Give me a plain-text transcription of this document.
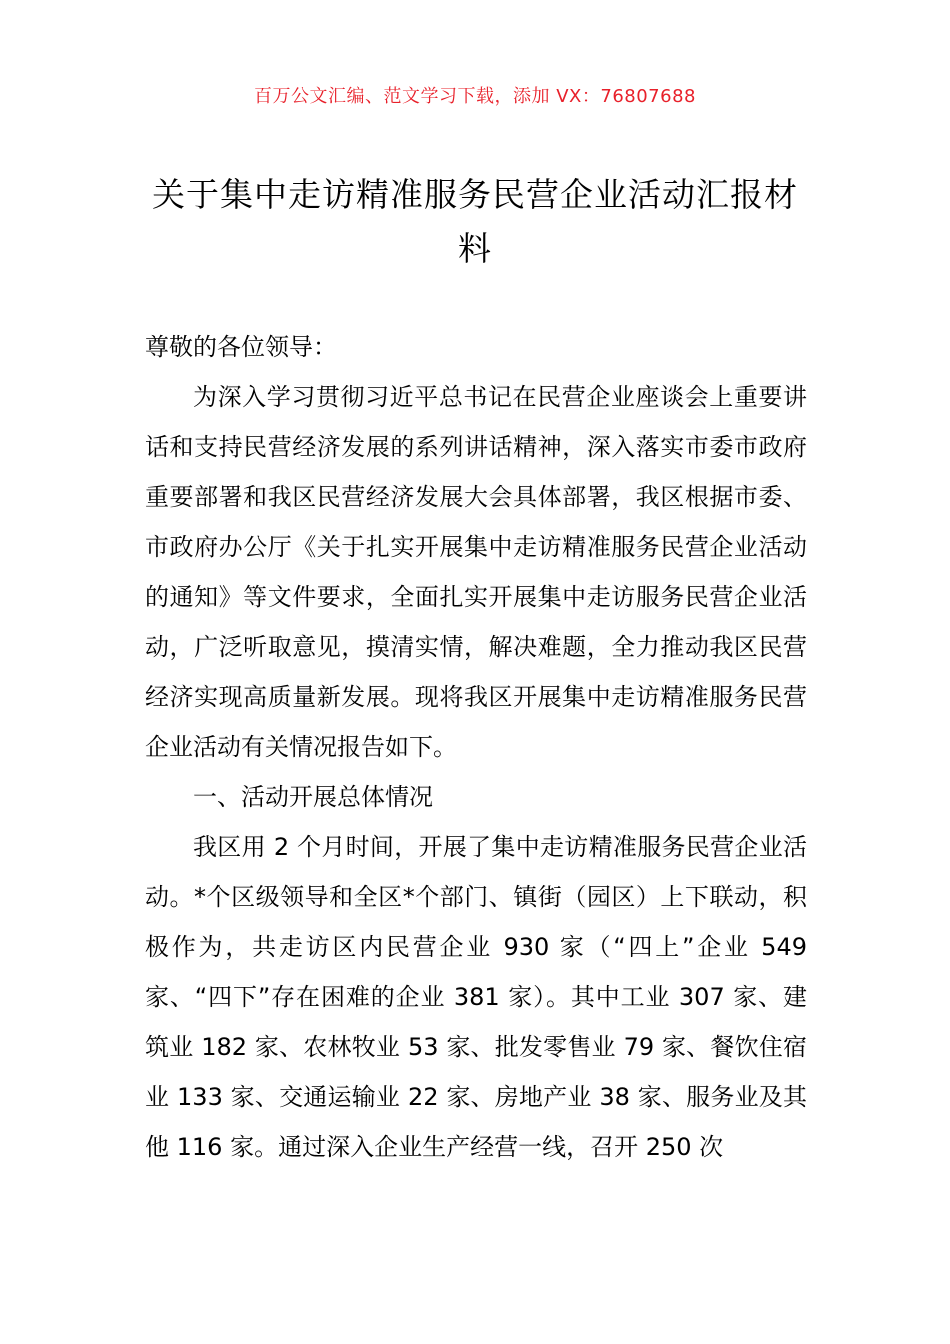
百万公文汇编、范文学习下载，添加 VX：76807688
关于集中走访精准服务民营企业活动汇报材料

尊敬的各位领导：

为深入学习贯彻习近平总书记在民营企业座谈会上重要讲话和支持民营经济发展的系列讲话精神，深入落实市委市政府重要部署和我区民营经济发展大会具体部署，我区根据市委、市政府办公厅《关于扎实开展集中走访精准服务民营企业活动的通知》等文件要求，全面扎实开展集中走访服务民营企业活动，广泛听取意见，摸清实情，解决难题，全力推动我区民营经济实现高质量新发展。现将我区开展集中走访精准服务民营企业活动有关情况报告如下。

一、活动开展总体情况

我区用 2 个月时间，开展了集中走访精准服务民营企业活动。*个区级领导和全区*个部门、镇街（园区）上下联动，积极作为，共走访区内民营企业 930 家（“四上”企业 549 家、“四下”存在困难的企业 381 家）。其中工业 307 家、建筑业 182 家、农林牧业 53 家、批发零售业 79 家、餐饮住宿业 133 家、交通运输业 22 家、房地产业 38 家、服务业及其他 116 家。通过深入企业生产经营一线，召开 250 次
